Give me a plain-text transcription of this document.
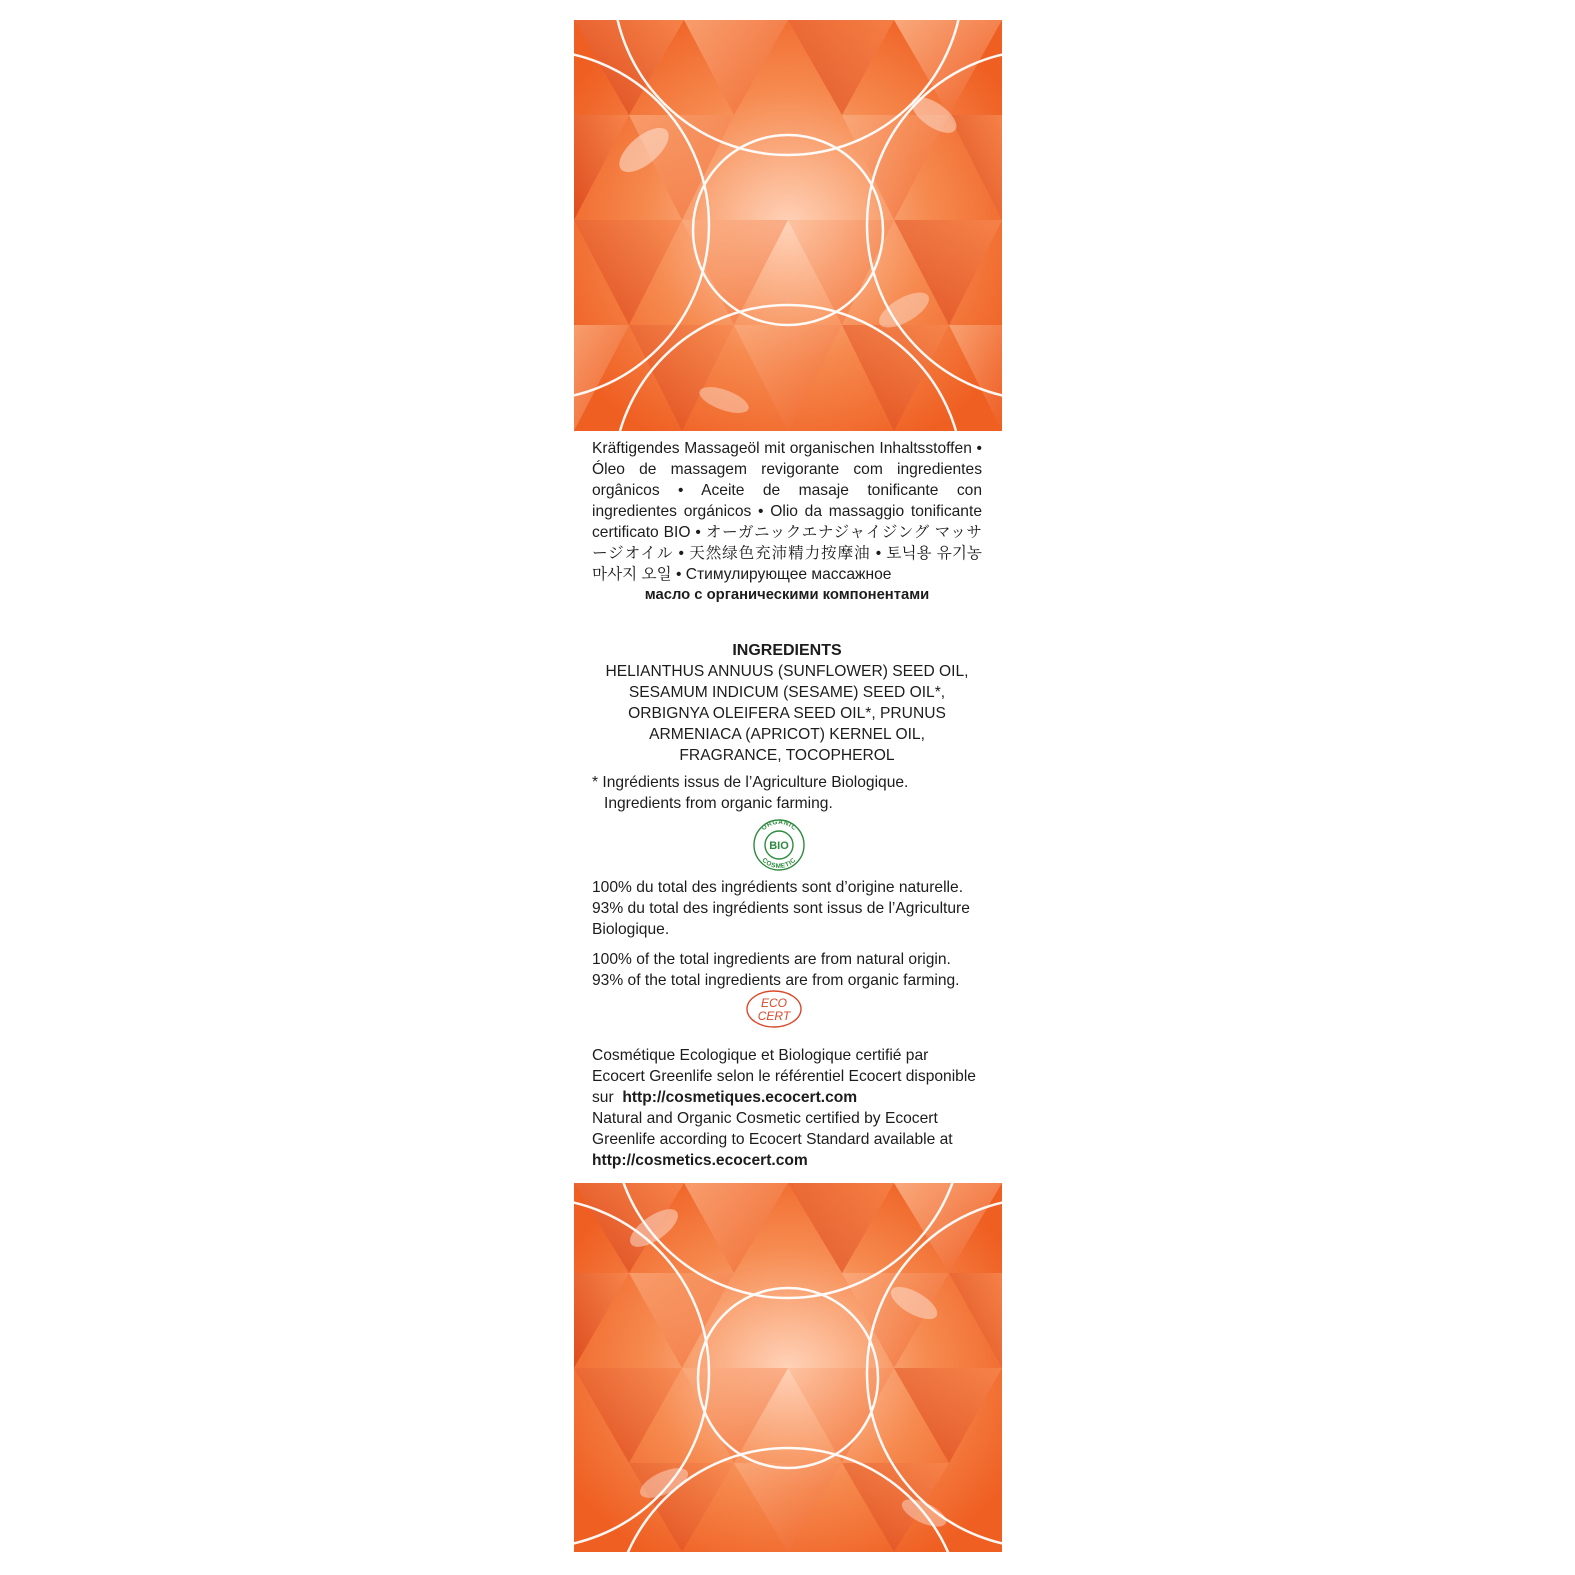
Kräftigendes Massageöl mit organischen Inhaltsstoffen • Óleo de massagem revigorante com ingredientes orgânicos • Aceite de masaje tonificante con ingredientes orgánicos • Olio da massaggio tonificante certificato BIO • オーガニックエナジャイジング マッサージオイル • 天然绿色充沛精力按摩油 • 토닉용 유기농 마사지 오일 • Стимулирующее массажное

масло с органическими компонентами

INGREDIENTS

HELIANTHUS ANNUUS (SUNFLOWER) SEED OIL, SESAMUM INDICUM (SESAME) SEED OIL*, ORBIGNYA OLEIFERA SEED OIL*, PRUNUS ARMENIACA (APRICOT) KERNEL OIL, FRAGRANCE, TOCOPHEROL

* Ingrédients issus de l’Agriculture Biologique.

Ingredients from organic farming.

ORGANIC
COSMETIC
BIO

100% du total des ingrédients sont d’origine naturelle. 93% du total des ingrédients sont issus de l’Agriculture Biologique.

100% of the total ingredients are from natural origin. 93% of the total ingredients are from organic farming.

ECO
CERT

Cosmétique Ecologique et Biologique certifié par Ecocert Greenlife selon le référentiel Ecocert disponible sur http://cosmetiques.ecocert.com

Natural and Organic Cosmetic certified by Ecocert Greenlife according to Ecocert Standard available at http://cosmetics.ecocert.com
